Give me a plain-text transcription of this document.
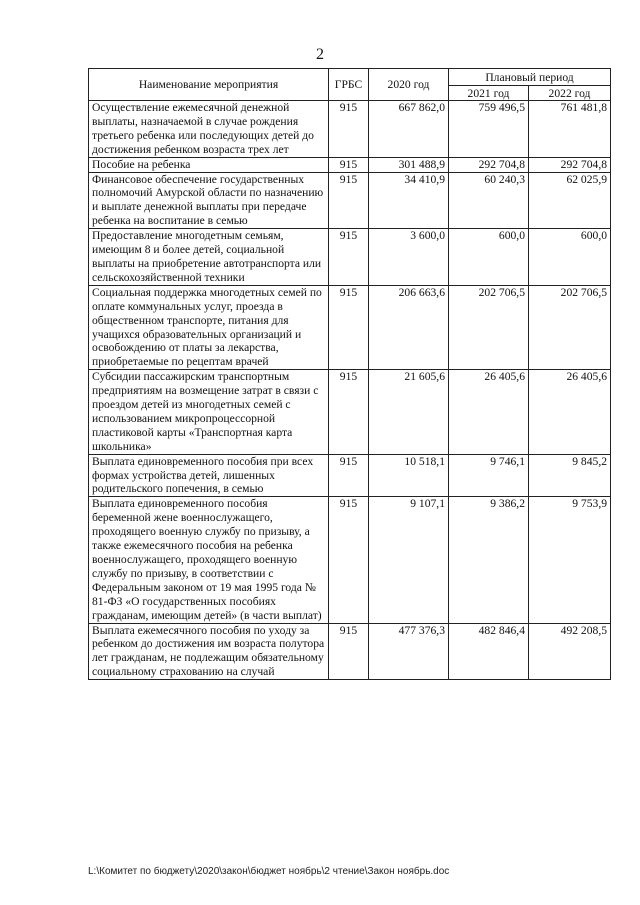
2
Наименование мероприятия	ГРБС	2020 год	Плановый период	
			2021 год	2022 год
Осуществление ежемесячной денежной выплаты, назначаемой в случае рождения третьего ребенка или последующих детей до достижения ребенком возраста трех лет	915	667 862,0	759 496,5	761 481,8
Пособие на ребенка	915	301 488,9	292 704,8	292 704,8
Финансовое обеспечение государственных полномочий Амурской области по назначению и выплате денежной выплаты при передаче ребенка на воспитание в семью	915	34 410,9	60 240,3	62 025,9
Предоставление многодетным семьям, имеющим 8 и более детей, социальной выплаты на приобретение автотранспорта или сельскохозяйственной техники	915	3 600,0	600,0	600,0
Социальная поддержка многодетных семей по оплате коммунальных услуг, проезда в общественном транспорте, питания для учащихся образовательных организаций и освобождению от платы за лекарства, приобретаемые по рецептам врачей	915	206 663,6	202 706,5	202 706,5
Субсидии пассажирским транспортным предприятиям на возмещение затрат в связи с проездом детей из многодетных семей с использованием микропроцессорной пластиковой карты «Транспортная карта школьника»	915	21 605,6	26 405,6	26 405,6
Выплата единовременного пособия при всех формах устройства детей, лишенных родительского попечения, в семью	915	10 518,1	9 746,1	9 845,2
Выплата единовременного пособия беременной жене военнослужащего, проходящего военную службу по призыву, а также ежемесячного пособия на ребенка военнослужащего, проходящего военную службу по призыву, в соответствии с Федеральным законом от 19 мая 1995 года № 81-ФЗ «О государственных пособиях гражданам, имеющим детей» (в части выплат)	915	9 107,1	9 386,2	9 753,9
Выплата ежемесячного пособия по уходу за ребенком до достижения им возраста полутора лет гражданам, не подлежащим обязательному социальному страхованию на случай	915	477 376,3	482 846,4	492 208,5
L:\Комитет по бюджету\2020\закон\бюджет ноябрь\2 чтение\Закон ноябрь.doc
